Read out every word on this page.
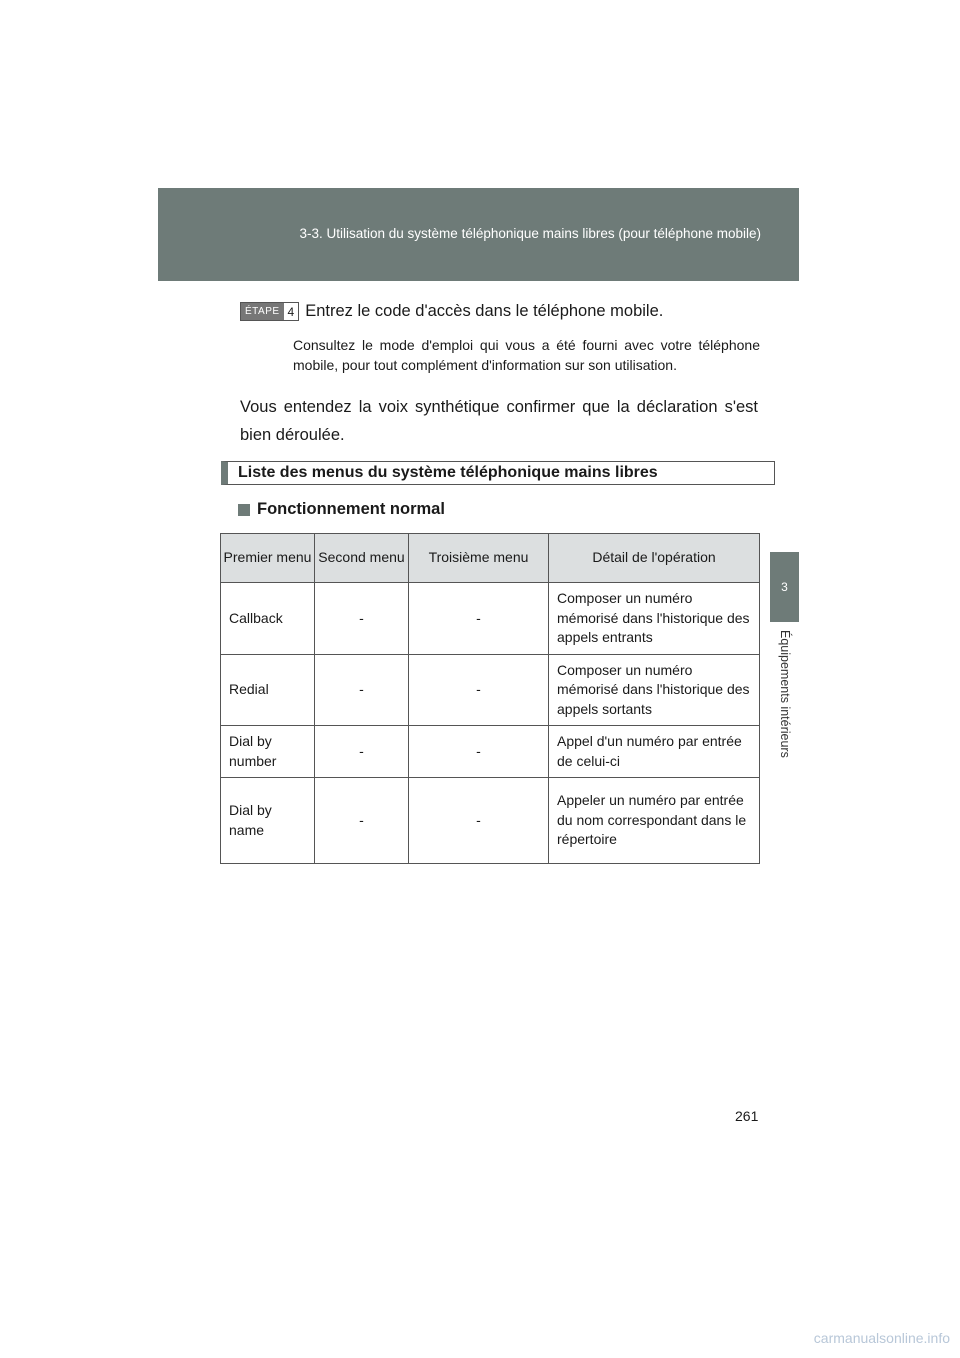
3-3. Utilisation du système téléphonique mains libres (pour téléphone mobile)
3
Équipements intérieurs
ÉTAPE 4 Entrez le code d'accès dans le téléphone mobile.
Consultez le mode d'emploi qui vous a été fourni avec votre téléphone mobile, pour tout complément d'information sur son utilisation.
Vous entendez la voix synthétique confirmer que la déclaration s'est bien déroulée.
Liste des menus du système téléphonique mains libres
Fonctionnement normal
Premier menu	Second menu	Troisième menu	Détail de l'opération
Callback	-	-	Composer un numéro mémorisé dans l'historique des appels entrants
Redial	-	-	Composer un numéro mémorisé dans l'historique des appels sortants
Dial by number	-	-	Appel d'un numéro par entrée de celui-ci
Dial by name	-	-	Appeler un numéro par entrée du nom correspondant dans le répertoire
261
carmanualsonline.info
